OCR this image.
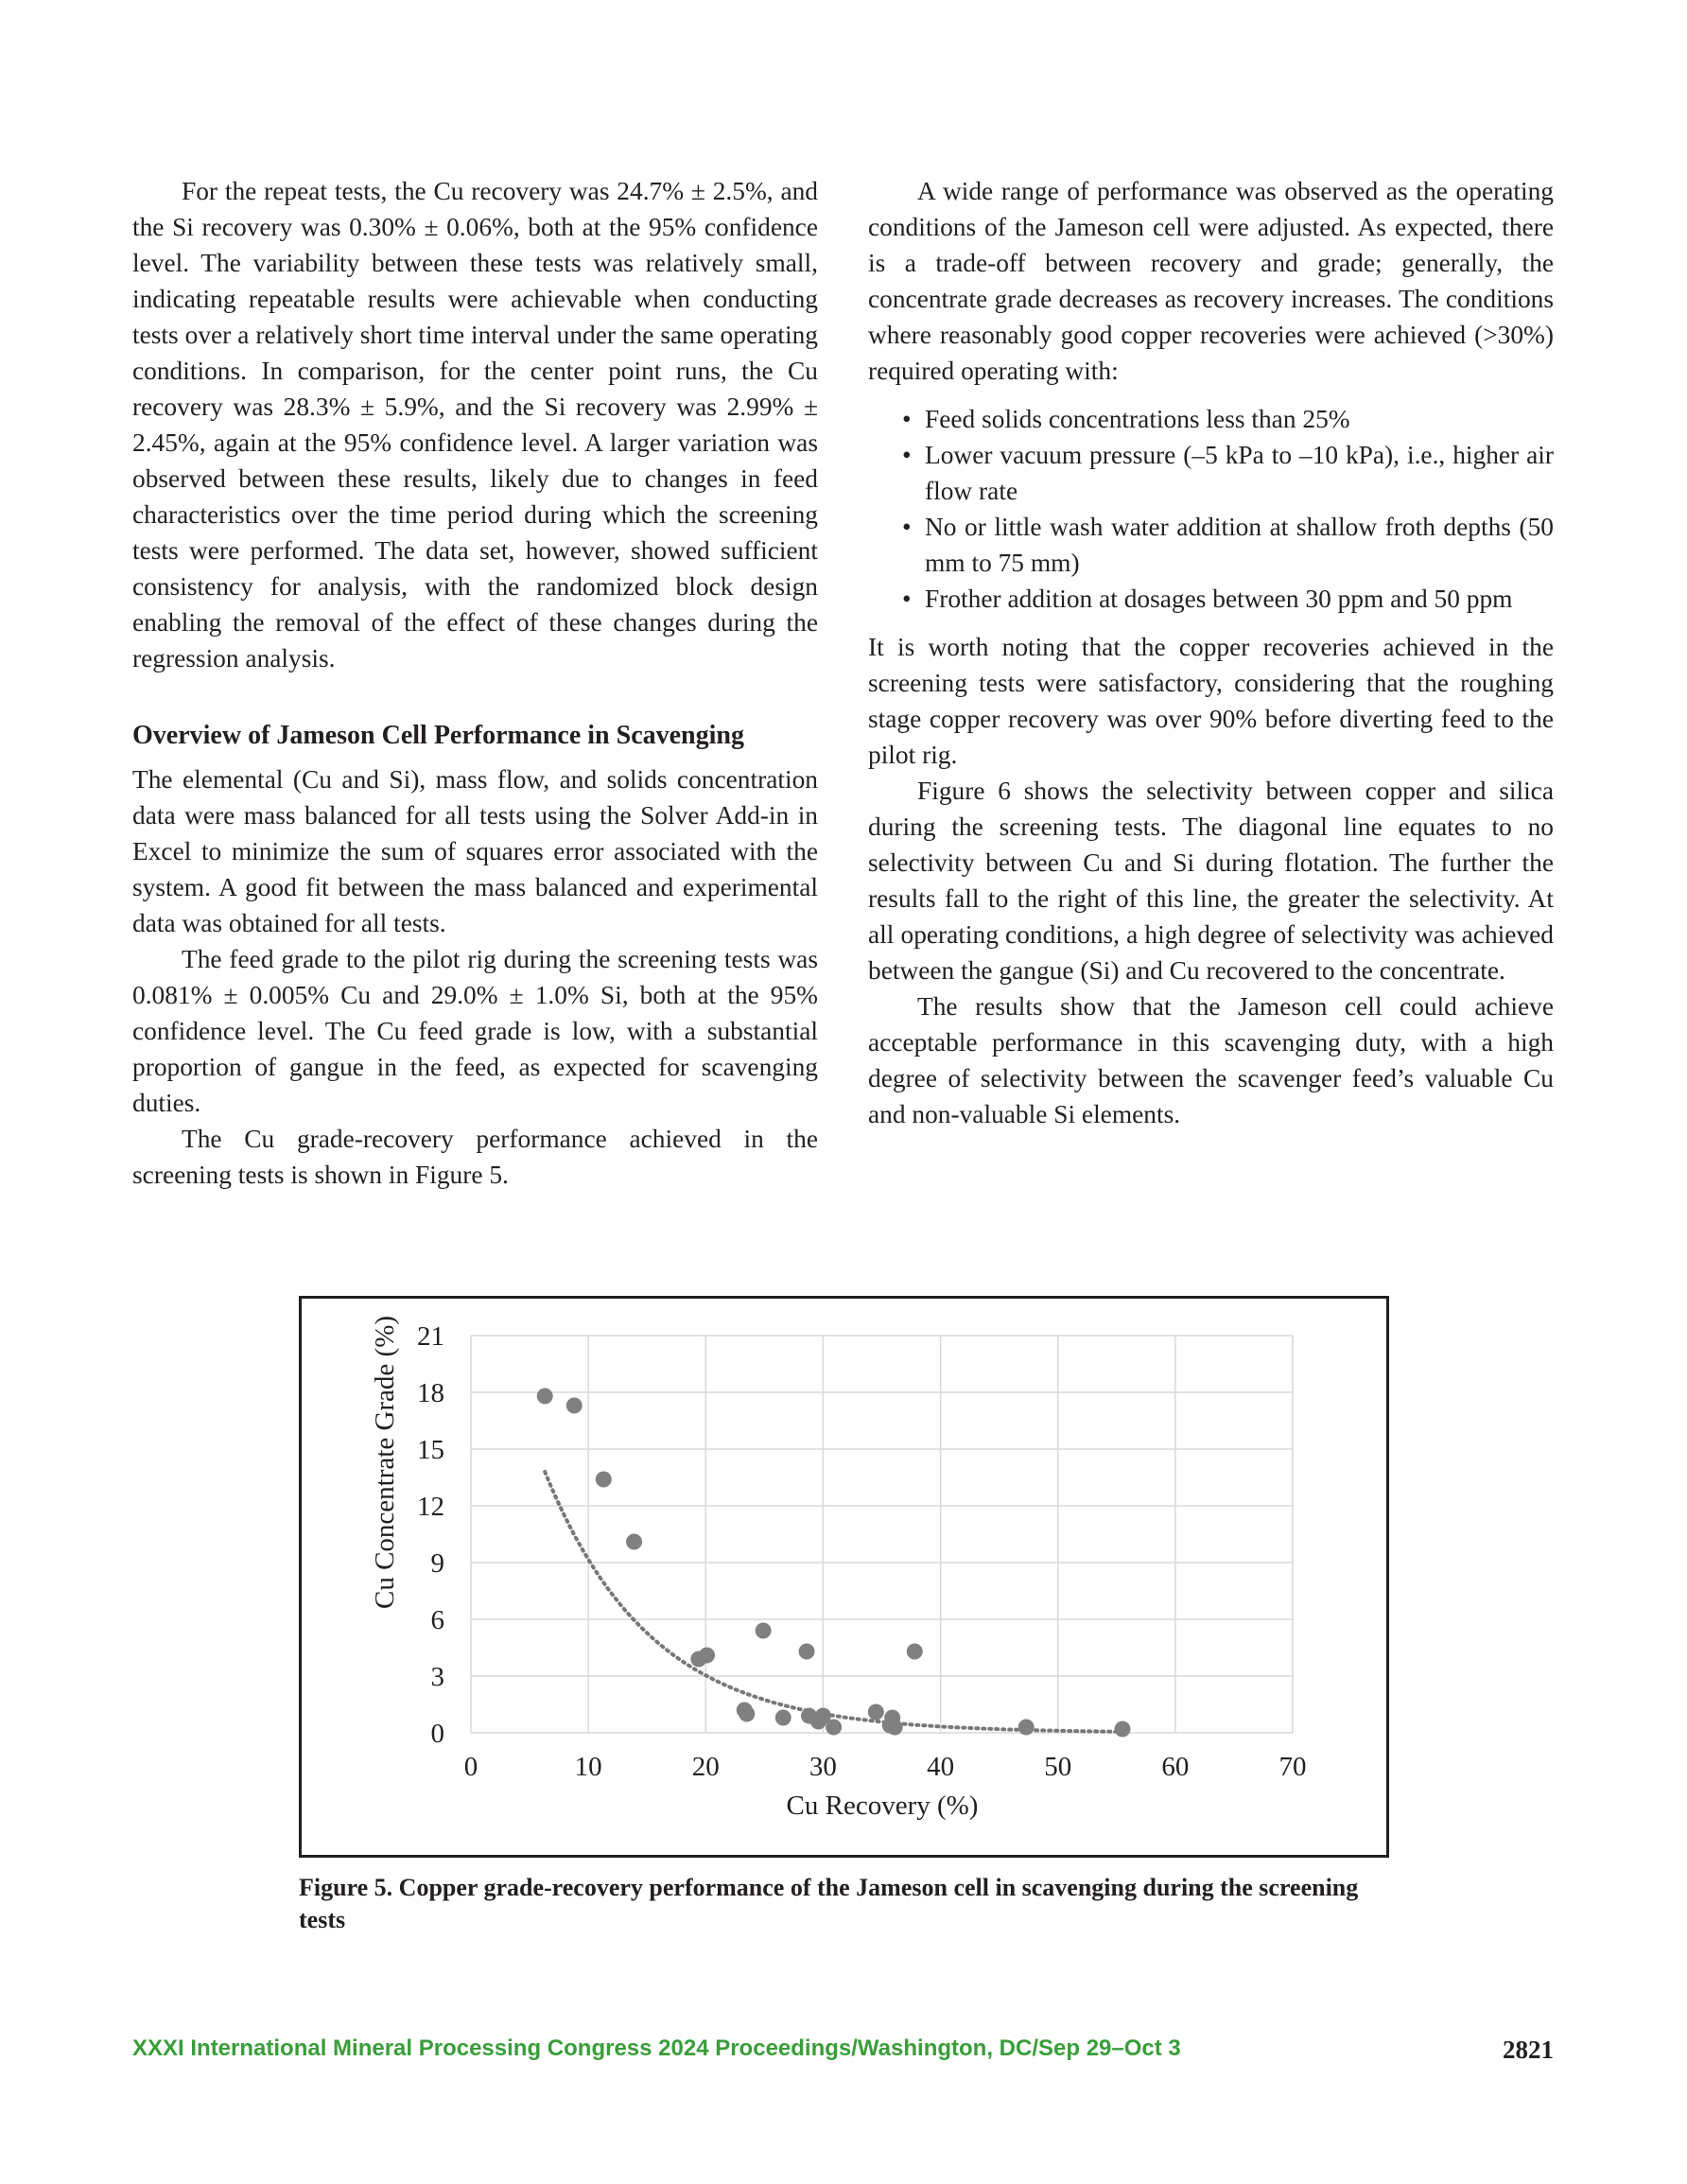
For the repeat tests, the Cu recovery was 24.7% ± 2.5%, and the Si recovery was 0.30% ± 0.06%, both at the 95% confidence level. The variability between these tests was relatively small, indicating repeatable results were achievable when conducting tests over a relatively short time interval under the same operating conditions. In comparison, for the center point runs, the Cu recovery was 28.3% ± 5.9%, and the Si recovery was 2.99% ± 2.45%, again at the 95% confidence level. A larger variation was observed between these results, likely due to changes in feed characteristics over the time period during which the screening tests were performed. The data set, however, showed sufficient consistency for analysis, with the randomized block design enabling the removal of the effect of these changes during the regression analysis.

Overview of Jameson Cell Performance in Scavenging

The elemental (Cu and Si), mass flow, and solids concentration data were mass balanced for all tests using the Solver Add-in in Excel to minimize the sum of squares error associated with the system. A good fit between the mass balanced and experimental data was obtained for all tests.

The feed grade to the pilot rig during the screening tests was 0.081% ± 0.005% Cu and 29.0% ± 1.0% Si, both at the 95% confidence level. The Cu feed grade is low, with a substantial proportion of gangue in the feed, as expected for scavenging duties.

The Cu grade-recovery performance achieved in the screening tests is shown in Figure 5.

A wide range of performance was observed as the operating conditions of the Jameson cell were adjusted. As expected, there is a trade-off between recovery and grade; generally, the concentrate grade decreases as recovery increases. The conditions where reasonably good copper recoveries were achieved (>30%) required operating with:

• Feed solids concentrations less than 25%
• Lower vacuum pressure (–5 kPa to –10 kPa), i.e., higher air flow rate
• No or little wash water addition at shallow froth depths (50 mm to 75 mm)
• Frother addition at dosages between 30 ppm and 50 ppm

It is worth noting that the copper recoveries achieved in the screening tests were satisfactory, considering that the roughing stage copper recovery was over 90% before diverting feed to the pilot rig.

Figure 6 shows the selectivity between copper and silica during the screening tests. The diagonal line equates to no selectivity between Cu and Si during flotation. The further the results fall to the right of this line, the greater the selectivity. At all operating conditions, a high degree of selectivity was achieved between the gangue (Si) and Cu recovered to the concentrate.

The results show that the Jameson cell could achieve acceptable performance in this scavenging duty, with a high degree of selectivity between the scavenger feed’s valuable Cu and non-valuable Si elements.

0
3
6
9
12
15
18
21
0	10	20	30	40	50	60	70
Cu Recovery (%)
Cu Concentrate Grade (%)
Figure 5. Copper grade-recovery performance of the Jameson cell in scavenging during the screening tests
XXXI International Mineral Processing Congress 2024 Proceedings/Washington, DC/Sep 29–Oct 3	2821
